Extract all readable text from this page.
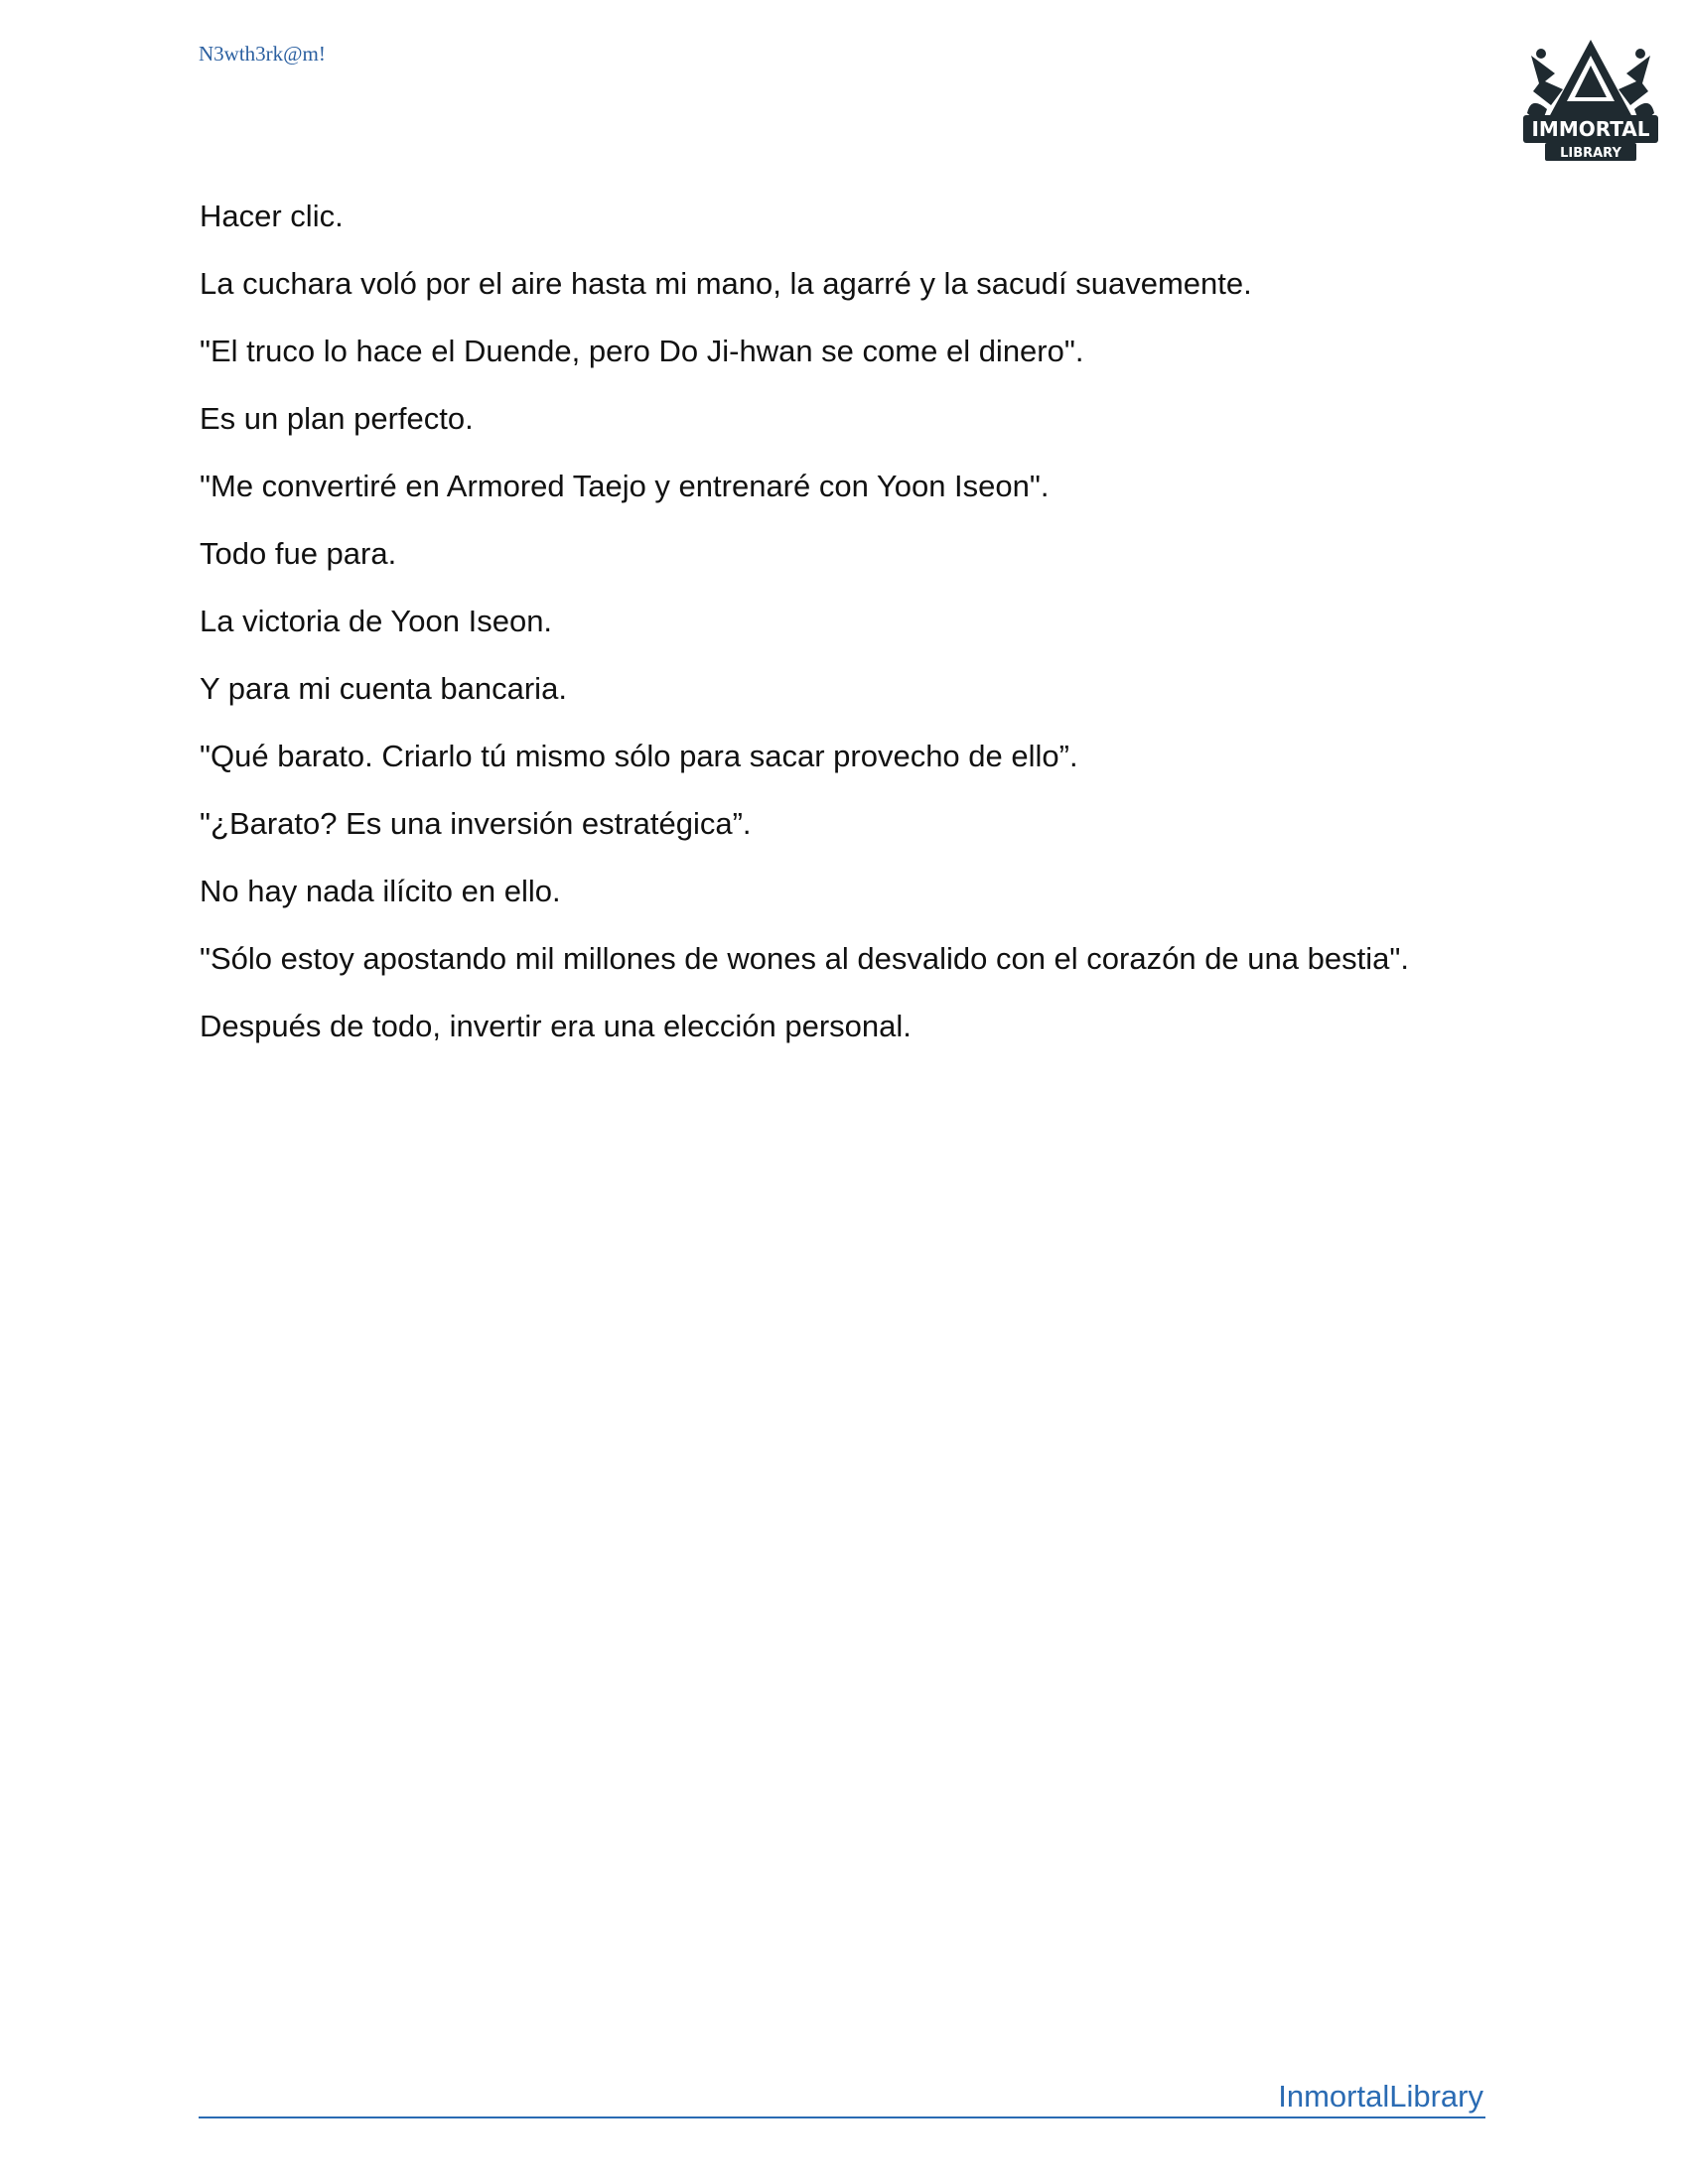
N3wth3rk@m!
IMMORTAL
LIBRARY

Hacer clic.

La cuchara voló por el aire hasta mi mano, la agarré y la sacudí suavemente.

"El truco lo hace el Duende, pero Do Ji-hwan se come el dinero".

Es un plan perfecto.

"Me convertiré en Armored Taejo y entrenaré con Yoon Iseon".

Todo fue para.

La victoria de Yoon Iseon.

Y para mi cuenta bancaria.

"Qué barato. Criarlo tú mismo sólo para sacar provecho de ello”.

"¿Barato? Es una inversión estratégica”.

No hay nada ilícito en ello.

"Sólo estoy apostando mil millones de wones al desvalido con el corazón de una bestia".

Después de todo, invertir era una elección personal.

InmortalLibrary
